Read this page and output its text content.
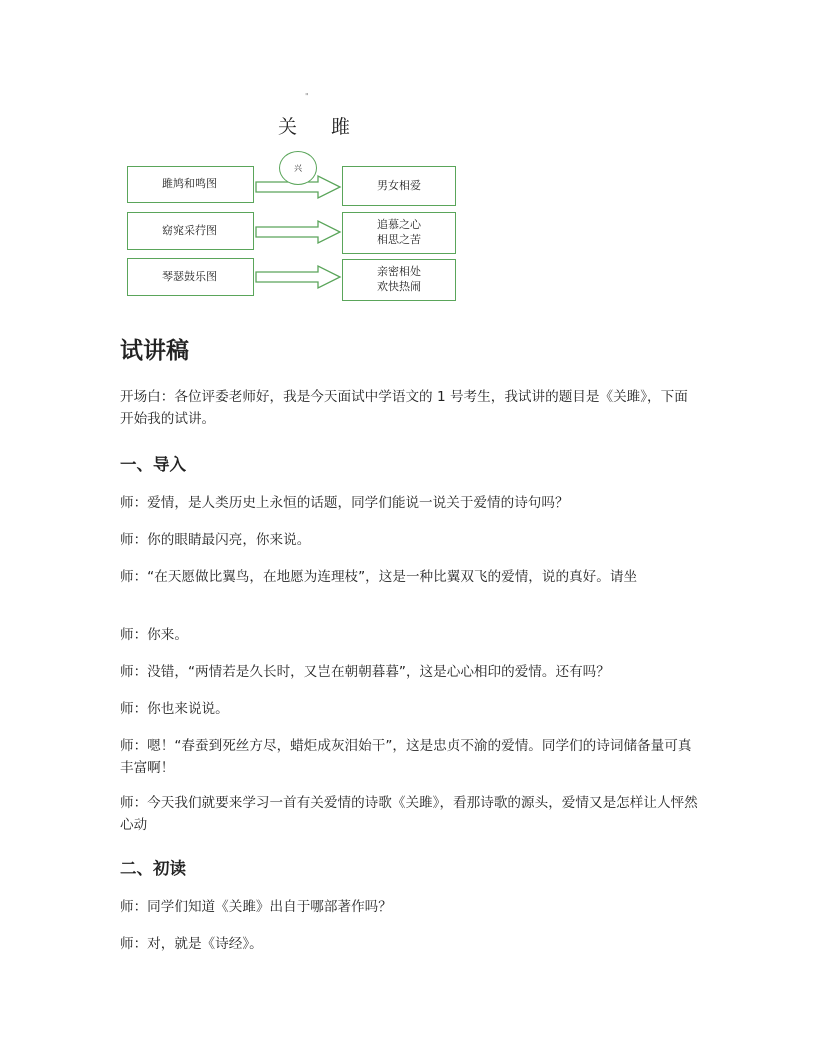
"
关 雎
兴
雎鸠和鸣图
窈窕采荇图
琴瑟鼓乐图
男女相爱
追慕之心
相思之苦
亲密相处
欢快热闹
试讲稿

开场白：各位评委老师好，我是今天面试中学语文的 1 号考生，我试讲的题目是《关雎》，下面开始我的试讲。

一、导入

师：爱情，是人类历史上永恒的话题，同学们能说一说关于爱情的诗句吗？

师：你的眼睛最闪亮，你来说。

师：“在天愿做比翼鸟，在地愿为连理枝”，这是一种比翼双飞的爱情，说的真好。请坐

师：你来。

师：没错，“两情若是久长时，又岂在朝朝暮暮”，这是心心相印的爱情。还有吗？

师：你也来说说。

师：嗯！“春蚕到死丝方尽，蜡炬成灰泪始干”，这是忠贞不渝的爱情。同学们的诗词储备量可真丰富啊！

师：今天我们就要来学习一首有关爱情的诗歌《关雎》，看那诗歌的源头，爱情又是怎样让人怦然心动

二、初读

师：同学们知道《关雎》出自于哪部著作吗？

师：对，就是《诗经》。
